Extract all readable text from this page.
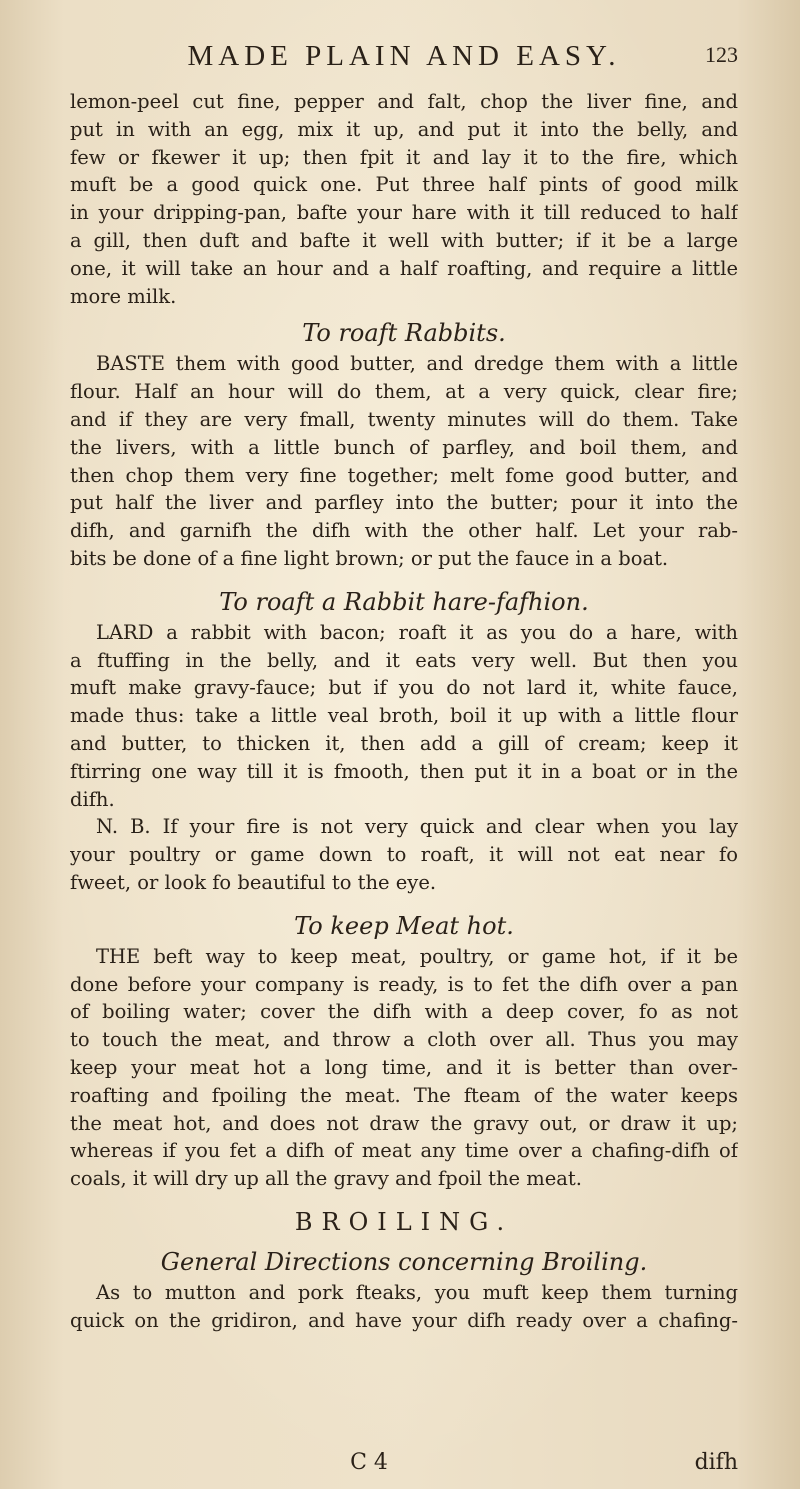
MADE PLAIN AND EASY.	123

lemon-peel cut fine, pepper and falt, chop the liver fine, and

put in with an egg, mix it up, and put it into the belly, and

few or fkewer it up; then fpit it and lay it to the fire, which

muft be a good quick one. Put three half pints of good milk

in your dripping-pan, bafte your hare with it till reduced to half

a gill, then duft and bafte it well with butter; if it be a large

one, it will take an hour and a half roafting, and require a little

more milk.

To roaft Rabbits.

BASTE them with good butter, and dredge them with a little

flour. Half an hour will do them, at a very quick, clear fire;

and if they are very fmall, twenty minutes will do them. Take

the livers, with a little bunch of parfley, and boil them, and

then chop them very fine together; melt fome good butter, and

put half the liver and parfley into the butter; pour it into the

difh, and garnifh the difh with the other half. Let your rab-

bits be done of a fine light brown; or put the fauce in a boat.

To roaft a Rabbit hare-fafhion.

LARD a rabbit with bacon; roaft it as you do a hare, with

a ftuffing in the belly, and it eats very well. But then you

muft make gravy-fauce; but if you do not lard it, white fauce,

made thus: take a little veal broth, boil it up with a little flour

and butter, to thicken it, then add a gill of cream; keep it

ftirring one way till it is fmooth, then put it in a boat or in the

difh.

N. B. If your fire is not very quick and clear when you lay

your poultry or game down to roaft, it will not eat near fo

fweet, or look fo beautiful to the eye.

To keep Meat hot.

THE beft way to keep meat, poultry, or game hot, if it be

done before your company is ready, is to fet the difh over a pan

of boiling water; cover the difh with a deep cover, fo as not

to touch the meat, and throw a cloth over all. Thus you may

keep your meat hot a long time, and it is better than over-

roafting and fpoiling the meat. The fteam of the water keeps

the meat hot, and does not draw the gravy out, or draw it up;

whereas if you fet a difh of meat any time over a chafing-difh of

coals, it will dry up all the gravy and fpoil the meat.

BROILING.

General Directions concerning Broiling.

As to mutton and pork fteaks, you muft keep them turning

quick on the gridiron, and have your difh ready over a chafing-

C 4	difh
